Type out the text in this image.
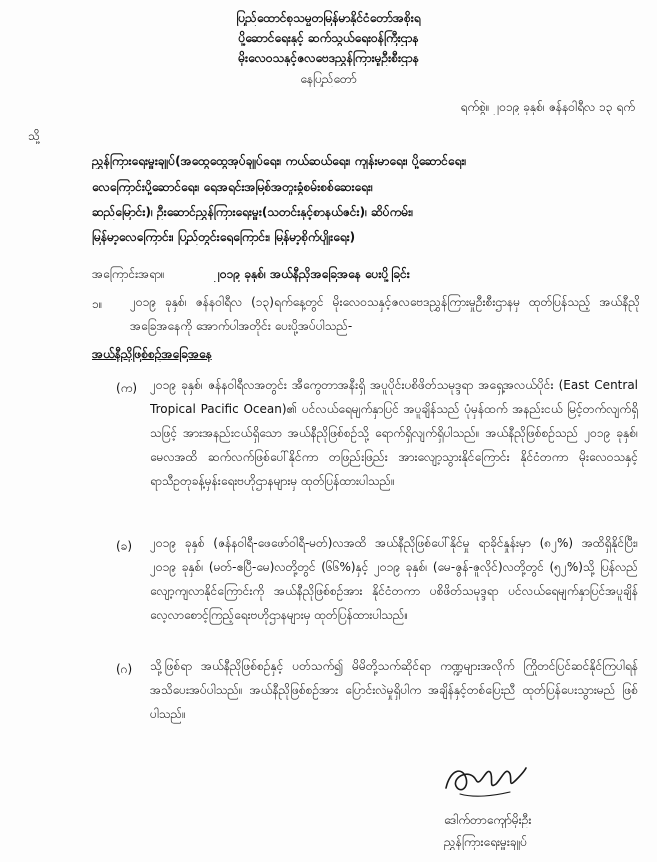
ပြည်ထောင်စုသမ္မတမြန်မာနိုင်ငံတော်အစိုးရ
ပို့ဆောင်ရေးနှင့် ဆက်သွယ်ရေးဝန်ကြီးဌာန
မိုးလေဝသနှင့်ဇလဗေဒညွှန်ကြားမှုဦးစီးဌာန
နေပြည်တော်
ရက်စွဲ။ ၂၀၁၉ ခုနှစ်၊ ဇန်နဝါရီလ ၁၃ ရက်
သို့
ညွှန်ကြားရေးမှူးချုပ်(အထွေထွေအုပ်ချုပ်ရေး၊ ကယ်ဆယ်ရေး၊ ကျန်းမာရေး၊ ပို့ဆောင်ရေး၊
လေကြောင်းပို့ဆောင်ရေး၊ ရေအရင်းအမြစ်အတူးခွံစမ်းစစ်ဆေးရေး၊
ဆည်မြောင်း)၊ ဦးဆောင်ညွှန်ကြားရေးမှူး(သတင်းနှင့်စာနယ်ဇင်း)၊ ဆိပ်ကမ်း၊
မြန်မာ့လေကြောင်း၊ ပြည်တွင်းရေကြောင်း၊ မြန်မာ့စိုက်ပျိုးရေး)
အကြောင်းအရာ။	၂၀၁၉ ခုနှစ်၊ အယ်နီညိုအခြေအနေ ပေးပို့ခြင်း
၁။ ၂၀၁၉ ခုနှစ်၊ ဇန်နဝါရီလ (၁၃)ရက်နေ့တွင် မိုးလေဝသနှင့်ဇလဗေဒညွှန်ကြားမှုဦးစီးဌာနမှ ထုတ်ပြန်သည့် အယ်နီညိုအခြေအနေကို အောက်ပါအတိုင်း ပေးပို့အပ်ပါသည်-
အယ်နီညိုဖြစ်စဉ်အခြေအနေ
(က) ၂၀၁၉ ခုနှစ်၊ ဇန်နဝါရီလအတွင်း အီကွေတာအနီးရှိ အပူပိုင်းပစိဖိတ်သမုဒ္ဒရာ အရှေ့အလယ်ပိုင်း (East Central Tropical Pacific Ocean)၏ ပင်လယ်ရေမျက်နှာပြင် အပူချိန်သည် ပုံမှန်ထက် အနည်းငယ် မြင့်တက်လျက်ရှိသဖြင့် အားအနည်းငယ်ရှိသော အယ်နီညိုဖြစ်စဉ်သို့ ရောက်ရှိလျက်ရှိပါသည်။ အယ်နီညိုဖြစ်စဉ်သည် ၂၀၁၉ ခုနှစ်၊ မေလအထိ ဆက်လက်ဖြစ်ပေါ်နိုင်ကာ တဖြည်းဖြည်း အားလျော့သွားနိုင်ကြောင်း နိုင်ငံတကာ မိုးလေဝသနှင့်ရာသီဥတုခန့်မှန်းရေးဗဟိုဌာနများမှ ထုတ်ပြန်ထားပါသည်။
(ခ) ၂၀၁၉ ခုနှစ် (ဇန်နဝါရီ-ဖေဖော်ဝါရီ-မတ်)လအထိ အယ်နီညိုဖြစ်ပေါ်နိုင်မှု ရာခိုင်နှုန်းမှာ (၈၂%) အထိရှိနိုင်ပြီး၊ ၂၀၁၉ ခုနှစ်၊ (မတ်-ဧပြီ-မေ)လတို့တွင် (၆၆%)နှင့် ၂၀၁၉ ခုနှစ်၊ (မေ-ဇွန်-ဇူလိုင်)လတို့တွင် (၅၂%)သို့ ပြန်လည်လျော့ကျလာနိုင်ကြောင်းကို အယ်နီညိုဖြစ်စဉ်အား နိုင်ငံတကာ ပစိဖိတ်သမုဒ္ဒရာ ပင်လယ်ရေမျက်နှာပြင်အပူချိန် လေ့လာစောင့်ကြည့်ရေးဗဟိုဌာနများမှ ထုတ်ပြန်ထားပါသည်။
(ဂ) သို့ဖြစ်ရာ အယ်နီညိုဖြစ်စဉ်နှင့် ပတ်သက်၍ မိမိတို့သက်ဆိုင်ရာ ကဏ္ဍများအလိုက် ကြိုတင်ပြင်ဆင်နိုင်ကြပါရန် အသိပေးအပ်ပါသည်။ အယ်နီညိုဖြစ်စဉ်အား ပြောင်းလဲမှုရှိပါက အချိန်နှင့်တစ်ပြေးညီ ထုတ်ပြန်ပေးသွားမည် ဖြစ်ပါသည်။
ဒေါက်တာကျော်မိုးဦး
ညွှန်ကြားရေးမှူးချုပ်
